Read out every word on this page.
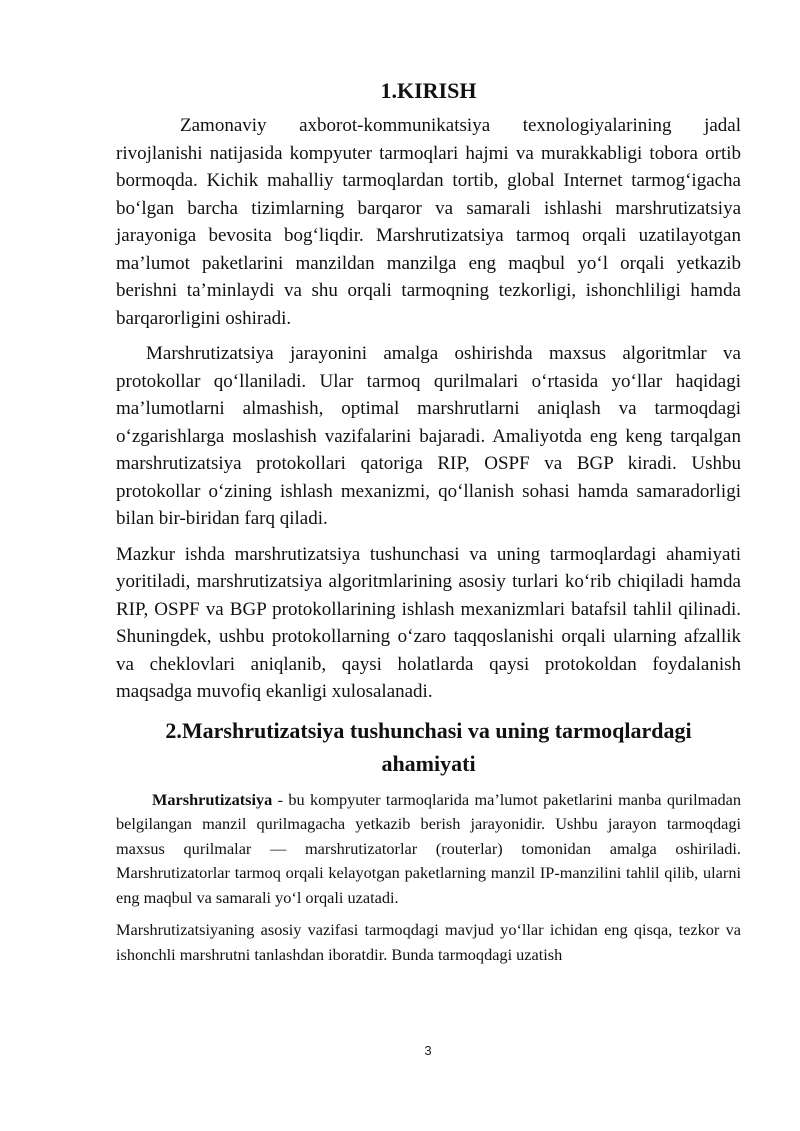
1.KIRISH

Zamonaviy axborot-kommunikatsiya texnologiyalarining jadal rivojlanishi natijasida kompyuter tarmoqlari hajmi va murakkabligi tobora ortib bormoqda. Kichik mahalliy tarmoqlardan tortib, global Internet tarmog‘igacha bo‘lgan barcha tizimlarning barqaror va samarali ishlashi marshrutizatsiya jarayoniga bevosita bog‘liqdir. Marshrutizatsiya tarmoq orqali uzatilayotgan ma’lumot paketlarini manzildan manzilga eng maqbul yo‘l orqali yetkazib berishni ta’minlaydi va shu orqali tarmoqning tezkorligi, ishonchliligi hamda barqarorligini oshiradi.

Marshrutizatsiya jarayonini amalga oshirishda maxsus algoritmlar va protokollar qo‘llaniladi. Ular tarmoq qurilmalari o‘rtasida yo‘llar haqidagi ma’lumotlarni almashish, optimal marshrutlarni aniqlash va tarmoqdagi o‘zgarishlarga moslashish vazifalarini bajaradi. Amaliyotda eng keng tarqalgan marshrutizatsiya protokollari qatoriga RIP, OSPF va BGP kiradi. Ushbu protokollar o‘zining ishlash mexanizmi, qo‘llanish sohasi hamda samaradorligi bilan bir-biridan farq qiladi.

Mazkur ishda marshrutizatsiya tushunchasi va uning tarmoqlardagi ahamiyati yoritiladi, marshrutizatsiya algoritmlarining asosiy turlari ko‘rib chiqiladi hamda RIP, OSPF va BGP protokollarining ishlash mexanizmlari batafsil tahlil qilinadi. Shuningdek, ushbu protokollarning o‘zaro taqqoslanishi orqali ularning afzallik va cheklovlari aniqlanib, qaysi holatlarda qaysi protokoldan foydalanish maqsadga muvofiq ekanligi xulosalanadi.

2.Marshrutizatsiya tushunchasi va uning tarmoqlardagi ahamiyati

Marshrutizatsiya - bu kompyuter tarmoqlarida ma’lumot paketlarini manba qurilmadan belgilangan manzil qurilmagacha yetkazib berish jarayonidir. Ushbu jarayon tarmoqdagi maxsus qurilmalar — marshrutizatorlar (routerlar) tomonidan amalga oshiriladi. Marshrutizatorlar tarmoq orqali kelayotgan paketlarning manzil IP-manzilini tahlil qilib, ularni eng maqbul va samarali yo‘l orqali uzatadi.

Marshrutizatsiyaning asosiy vazifasi tarmoqdagi mavjud yo‘llar ichidan eng qisqa, tezkor va ishonchli marshrutni tanlashdan iboratdir. Bunda tarmoqdagi uzatish

3
